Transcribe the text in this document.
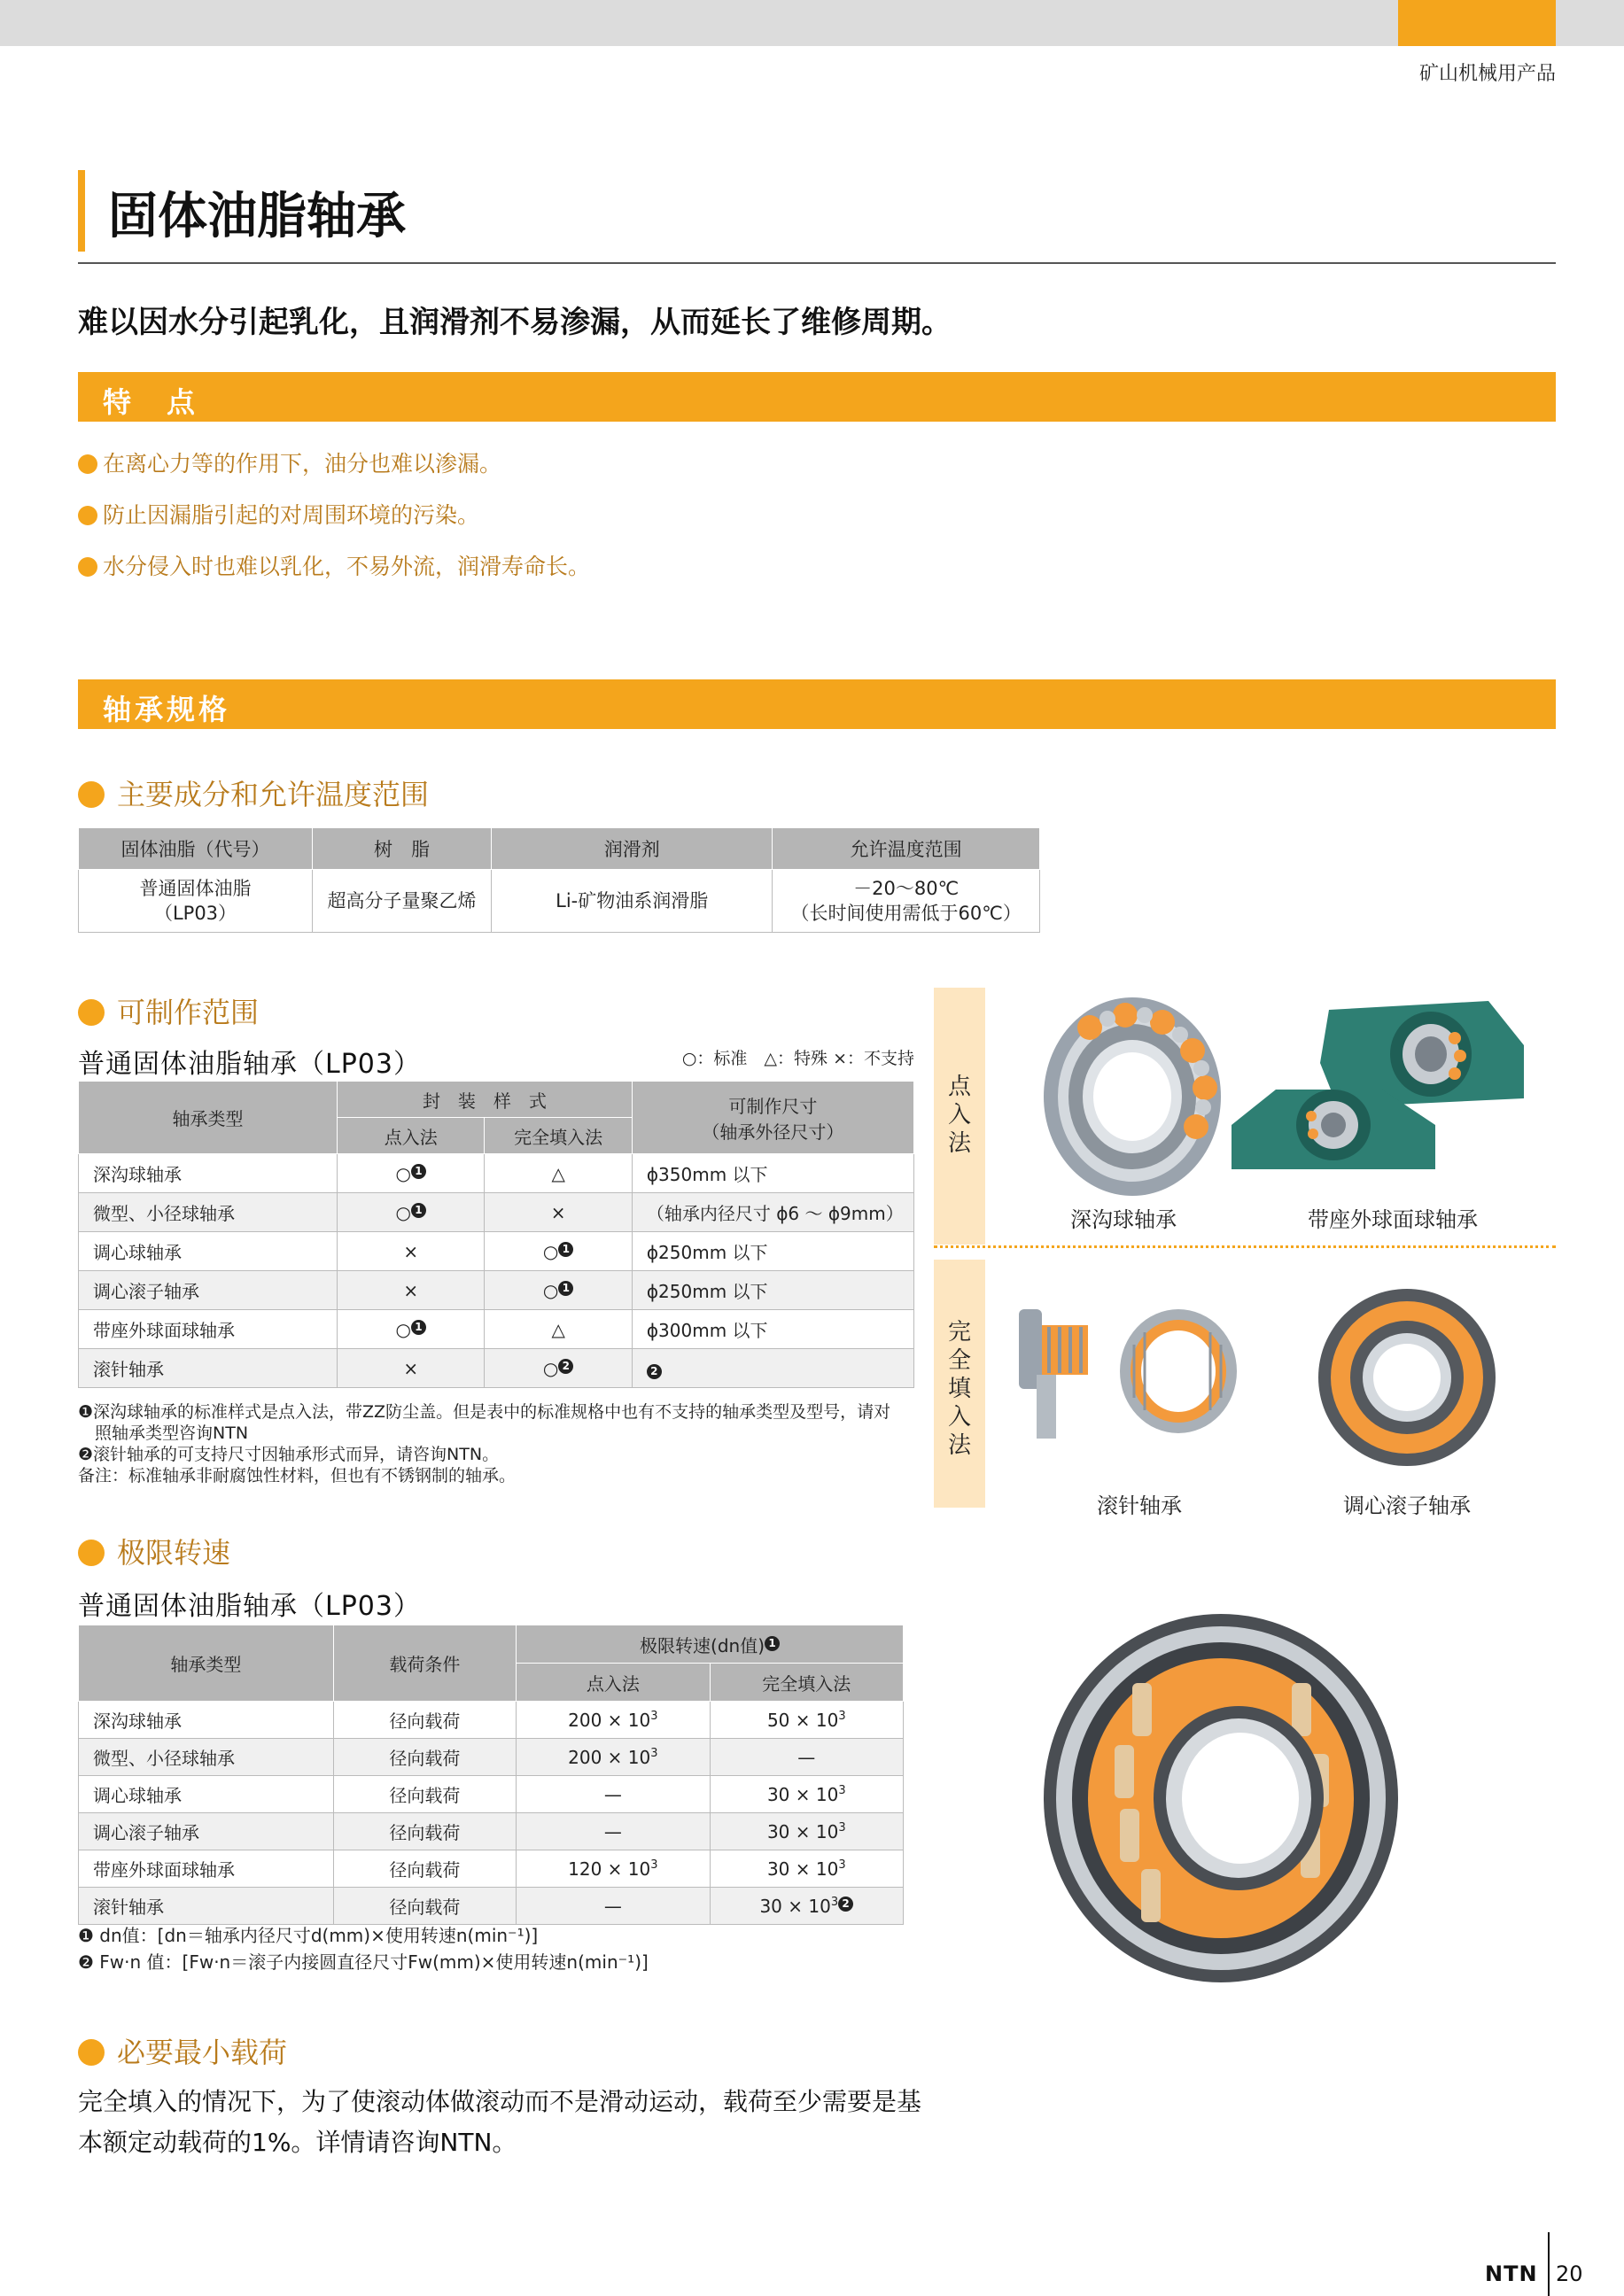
矿山机械用产品
固体油脂轴承
难以因水分引起乳化，且润滑剂不易渗漏，从而延长了维修周期。
特　点
在离心力等的作用下，油分也难以渗漏。
防止因漏脂引起的对周围环境的污染。
水分侵入时也难以乳化，不易外流，润滑寿命长。
轴承规格
主要成分和允许温度范围
固体油脂（代号）	树　脂	润滑剂	允许温度范围
普通固体油脂
（LP03）	超高分子量聚乙烯	Li-矿物油系润滑脂	－20～80℃
（长时间使用需低于60℃）
可制作范围
普通固体油脂轴承（LP03）	○：标准　△：特殊 ×：不支持
轴承类型	封　装　样　式		可制作尺寸
（轴承外径尺寸）
	点入法	完全填入法	
深沟球轴承	○ 1	△	ϕ350mm 以下
微型、小径球轴承	○ 1	×	（轴承内径尺寸 ϕ6 ～ ϕ9mm）
调心球轴承	×	○ 1	ϕ250mm 以下
调心滚子轴承	×	○ 1	ϕ250mm 以下
带座外球面球轴承	○ 1	△	ϕ300mm 以下
滚针轴承	×	○ 2	2
❶深沟球轴承的标准样式是点入法，带ZZ防尘盖。但是表中的标准规格中也有不支持的轴承类型及型号，请对
照轴承类型咨询NTN
❷滚针轴承的可支持尺寸因轴承形式而异，请咨询NTN。
备注：标准轴承非耐腐蚀性材料，但也有不锈钢制的轴承。
点
入
法
完
全
填
入
法
深沟球轴承	带座外球面球轴承
滚针轴承	调心滚子轴承
极限转速
普通固体油脂轴承（LP03）
轴承类型	载荷条件	极限转速(dn值) 1	
		点入法	完全填入法
深沟球轴承	径向载荷	$200 \times 10^3$	$50 \times 10^3$
微型、小径球轴承	径向载荷	$200 \times 10^3$	—
调心球轴承	径向载荷	—	$30 \times 10^3$
调心滚子轴承	径向载荷	—	$30 \times 10^3$
带座外球面球轴承	径向载荷	$120 \times 10^3$	$30 \times 10^3$
滚针轴承	径向载荷	—	$30 \times 10^3$ 2
❶ dn值：[dn＝轴承内径尺寸d(mm)×使用转速n(min⁻¹)]
❷ Fw·n 值：[Fw·n＝滚子内接圆直径尺寸Fw(mm)×使用转速n(min⁻¹)]
必要最小载荷
完全填入的情况下，为了使滚动体做滚动而不是滑动运动，载荷至少需要是基
本额定动载荷的1%。详情请咨询NTN。
NTN 20
